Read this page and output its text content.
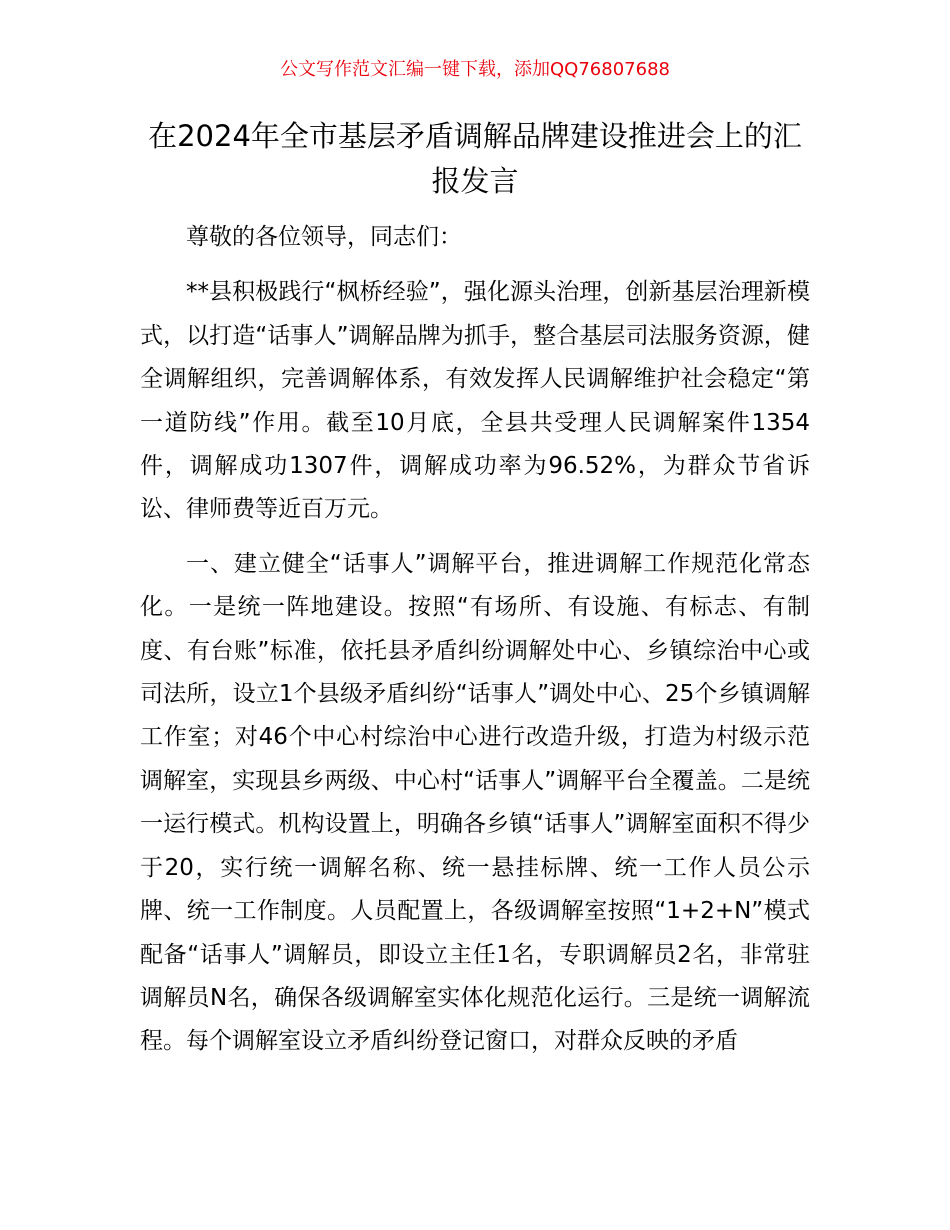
公文写作范文汇编一键下载，添加QQ76807688
在2024年全市基层矛盾调解品牌建设推进会上的汇报发言

尊敬的各位领导，同志们：

**县积极践行“枫桥经验”，强化源头治理，创新基层治理新模式，以打造“话事人”调解品牌为抓手，整合基层司法服务资源，健全调解组织，完善调解体系，有效发挥人民调解维护社会稳定“第一道防线”作用。截至10月底，全县共受理人民调解案件1354件，调解成功1307件，调解成功率为96.52%，为群众节省诉讼、律师费等近百万元。

一、建立健全“话事人”调解平台，推进调解工作规范化常态化。一是统一阵地建设。按照“有场所、有设施、有标志、有制度、有台账”标准，依托县矛盾纠纷调解处中心、乡镇综治中心或司法所，设立1个县级矛盾纠纷“话事人”调处中心、25个乡镇调解工作室；对46个中心村综治中心进行改造升级，打造为村级示范调解室，实现县乡两级、中心村“话事人”调解平台全覆盖。二是统一运行模式。机构设置上，明确各乡镇“话事人”调解室面积不得少于20，实行统一调解名称、统一悬挂标牌、统一工作人员公示牌、统一工作制度。人员配置上，各级调解室按照“1+2+N”模式配备“话事人”调解员，即设立主任1名，专职调解员2名，非常驻调解员N名，确保各级调解室实体化规范化运行。三是统一调解流程。每个调解室设立矛盾纠纷登记窗口，对群众反映的矛盾
